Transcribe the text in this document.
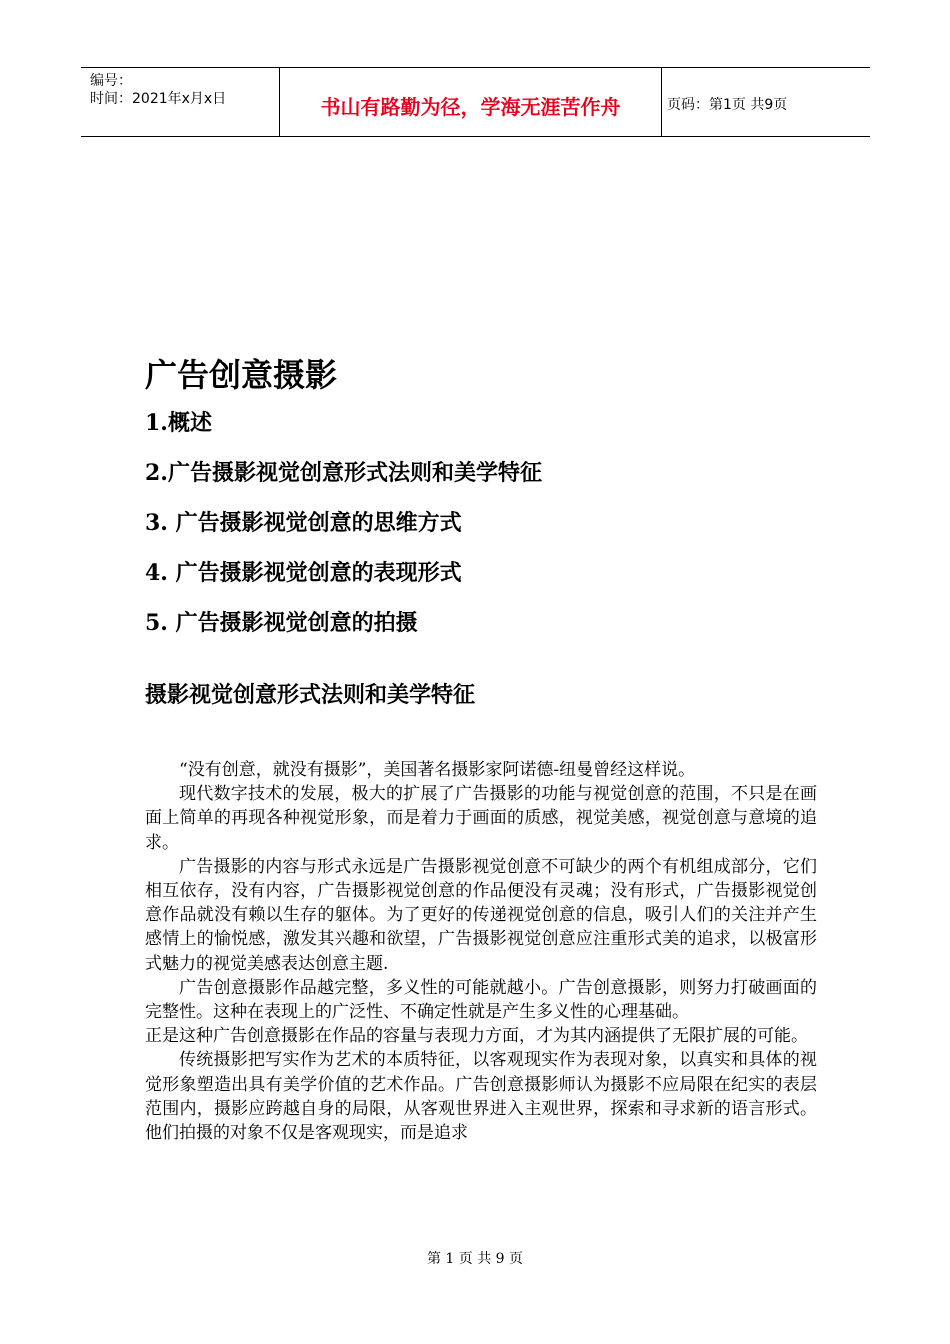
编号：
时间：2021年x月x日	书山有路勤为径，学海无涯苦作舟	页码：第1页 共9页
广告创意摄影
1.概述
2.广告摄影视觉创意形式法则和美学特征
3. 广告摄影视觉创意的思维方式
4. 广告摄影视觉创意的表现形式
5. 广告摄影视觉创意的拍摄
摄影视觉创意形式法则和美学特征

“没有创意，就没有摄影”，美国著名摄影家阿诺德-纽曼曾经这样说。

现代数字技术的发展，极大的扩展了广告摄影的功能与视觉创意的范围，不只是在画面上简单的再现各种视觉形象，而是着力于画面的质感，视觉美感，视觉创意与意境的追求。

广告摄影的内容与形式永远是广告摄影视觉创意不可缺少的两个有机组成部分，它们相互依存，没有内容，广告摄影视觉创意的作品便没有灵魂；没有形式，广告摄影视觉创意作品就没有赖以生存的躯体。为了更好的传递视觉创意的信息，吸引人们的关注并产生感情上的愉悦感，激发其兴趣和欲望，广告摄影视觉创意应注重形式美的追求，以极富形式魅力的视觉美感表达创意主题.

广告创意摄影作品越完整，多义性的可能就越小。广告创意摄影，则努力打破画面的完整性。这种在表现上的广泛性、不确定性就是产生多义性的心理基础。

正是这种广告创意摄影在作品的容量与表现力方面，才为其内涵提供了无限扩展的可能。

传统摄影把写实作为艺术的本质特征，以客观现实作为表现对象，以真实和具体的视觉形象塑造出具有美学价值的艺术作品。广告创意摄影师认为摄影不应局限在纪实的表层范围内，摄影应跨越自身的局限，从客观世界进入主观世界，探索和寻求新的语言形式。他们拍摄的对象不仅是客观现实，而是追求

第 1 页 共 9 页
